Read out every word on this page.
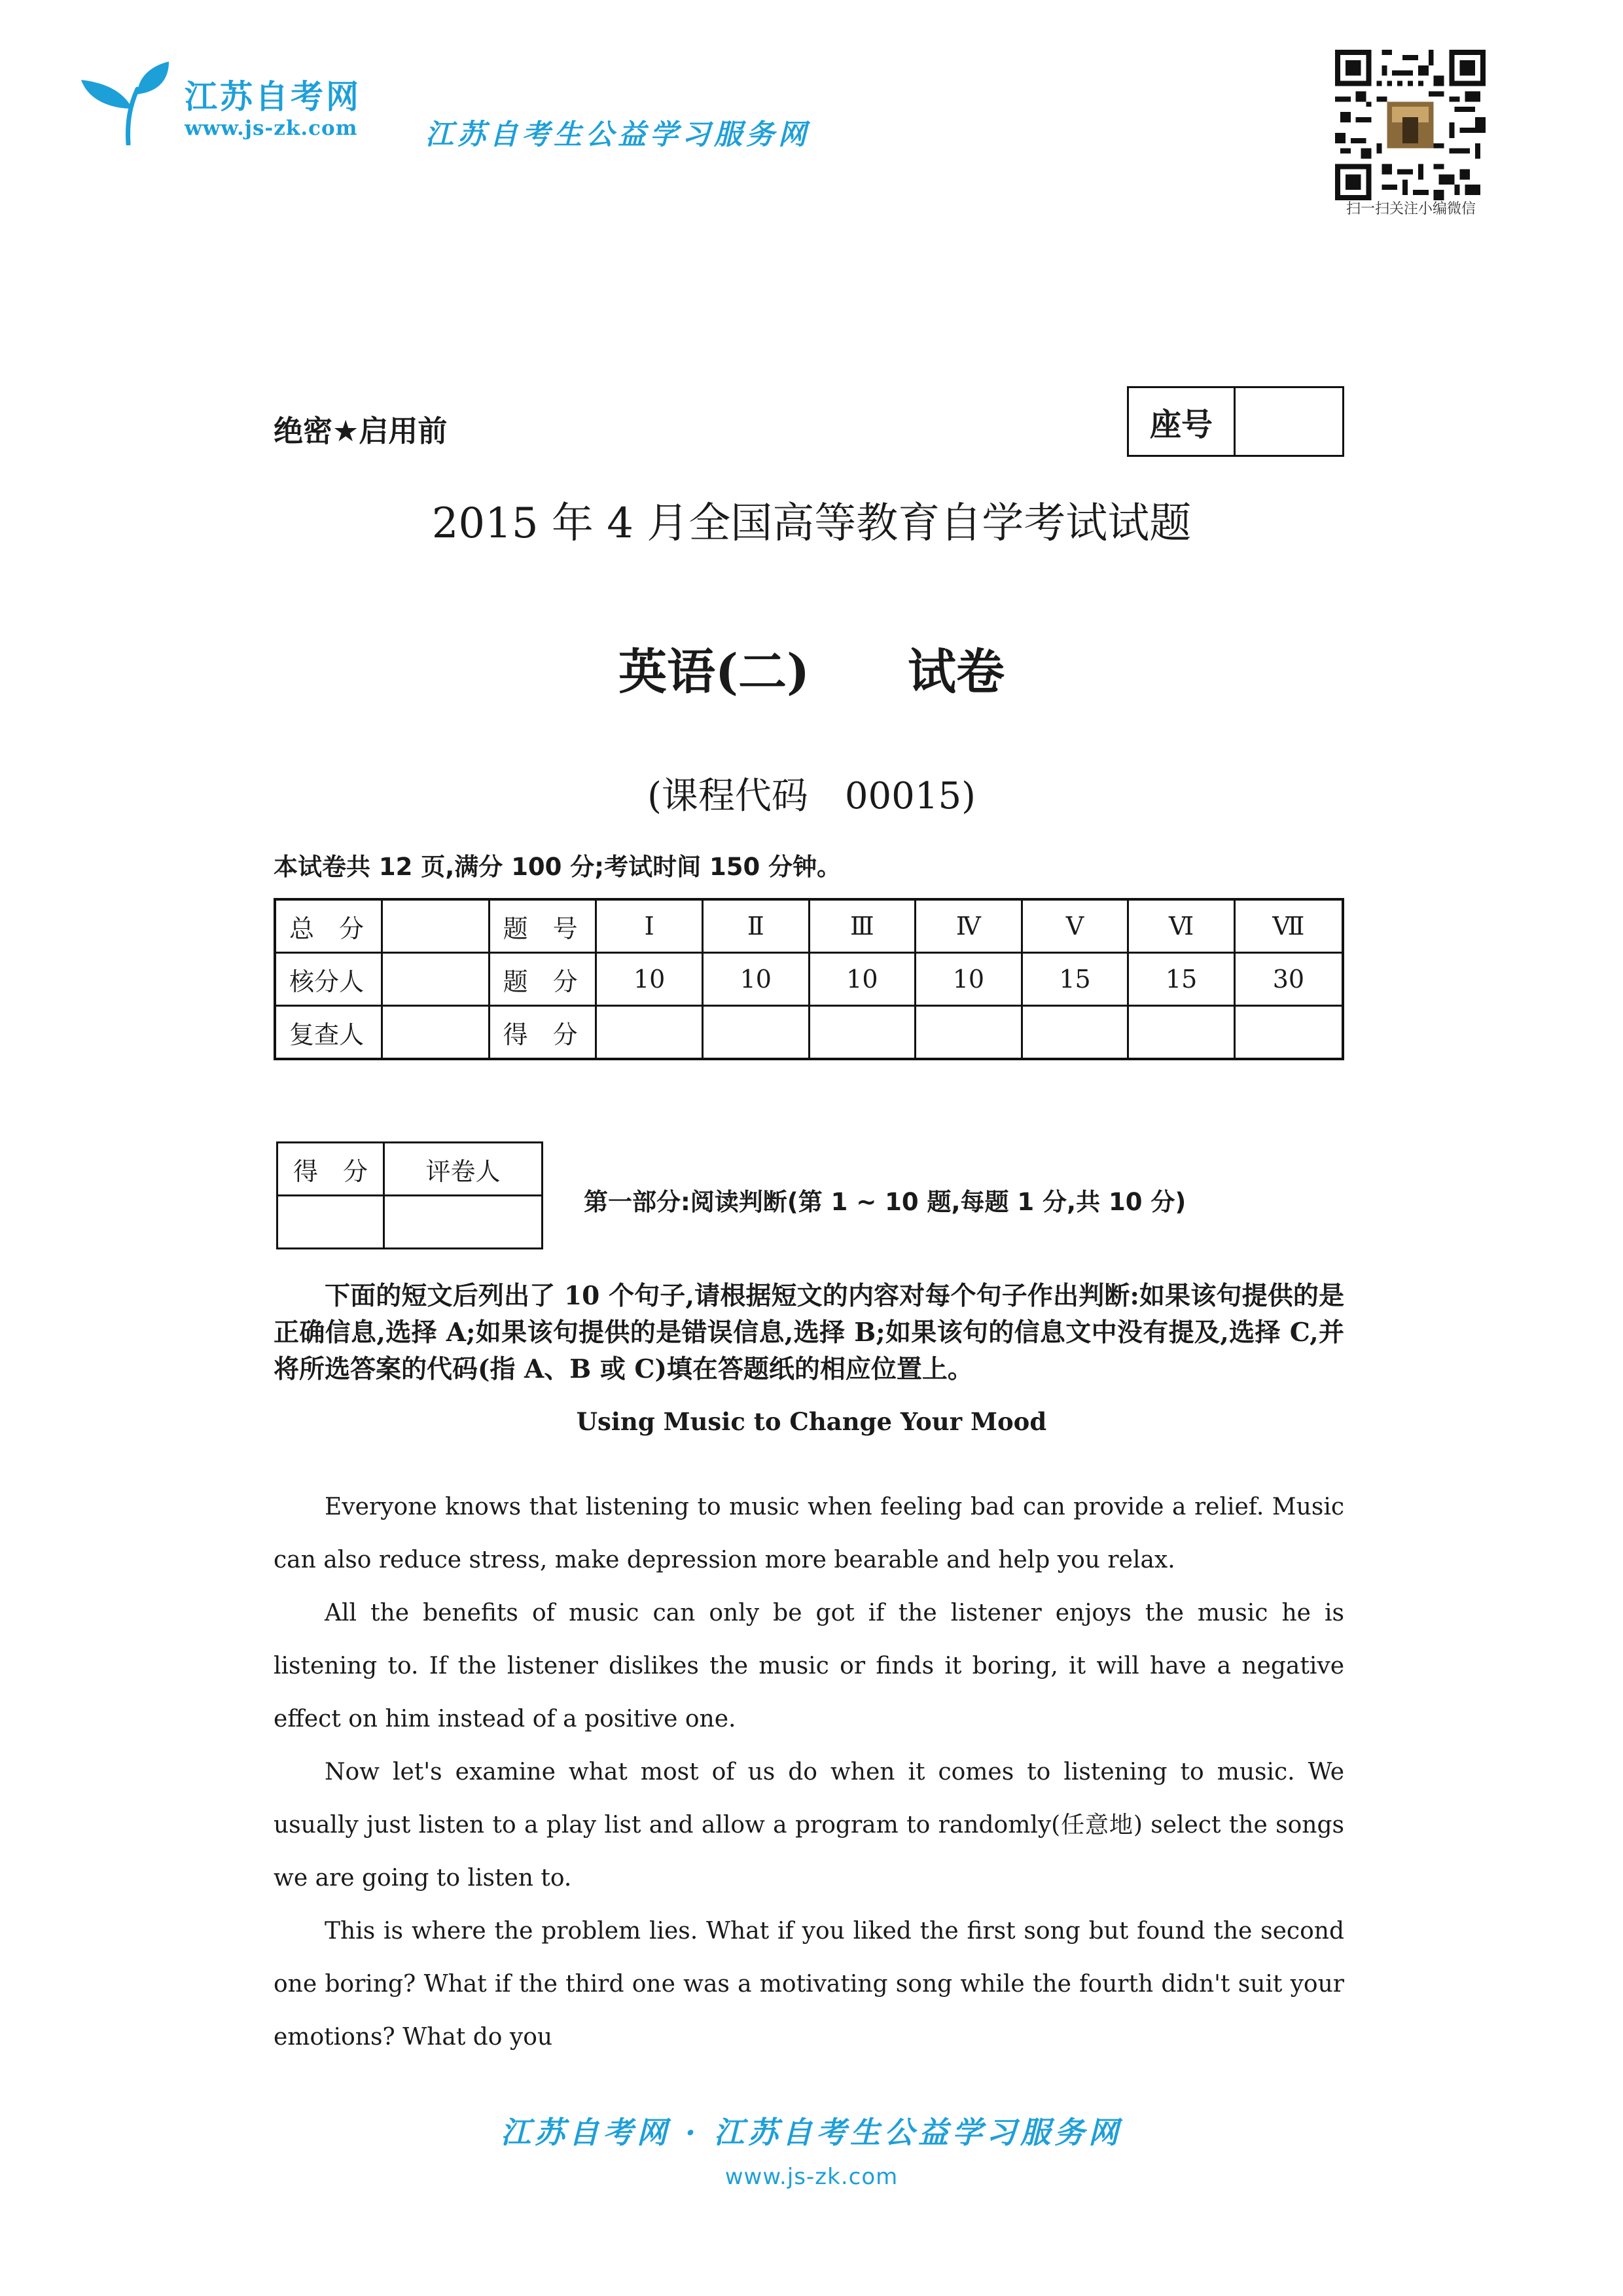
江苏自考网
www.js-zk.com 江苏自考生公益学习服务网
扫一扫关注小编微信
绝密★启用前	座号
2015 年 4 月全国高等教育自学考试试题
英语(二) 试卷
(课程代码　00015)
本试卷共 12 页,满分 100 分;考试时间 150 分钟。
总　分		题　号	Ⅰ	Ⅱ	Ⅲ	Ⅳ	Ⅴ	Ⅵ	Ⅶ
核分人		题　分	10	10	10	10	15	15	30
复查人		得　分							
得　分	评卷人

第一部分:阅读判断(第 1 ~ 10 题,每题 1 分,共 10 分)

下面的短文后列出了 10 个句子,请根据短文的内容对每个句子作出判断:如果该句提供的是正确信息,选择 A;如果该句提供的是错误信息,选择 B;如果该句的信息文中没有提及,选择 C,并将所选答案的代码(指 A、B 或 C)填在答题纸的相应位置上。

Using Music to Change Your Mood

Everyone knows that listening to music when feeling bad can provide a relief. Music can also reduce stress, make depression more bearable and help you relax.

All the benefits of music can only be got if the listener enjoys the music he is listening to. If the listener dislikes the music or finds it boring, it will have a negative effect on him instead of a positive one.

Now let's examine what most of us do when it comes to listening to music. We usually just listen to a play list and allow a program to randomly(任意地) select the songs we are going to listen to.

This is where the problem lies. What if you liked the first song but found the second one boring? What if the third one was a motivating song while the fourth didn't suit your emotions? What do you

江苏自考网 · 江苏自考生公益学习服务网
www.js-zk.com
